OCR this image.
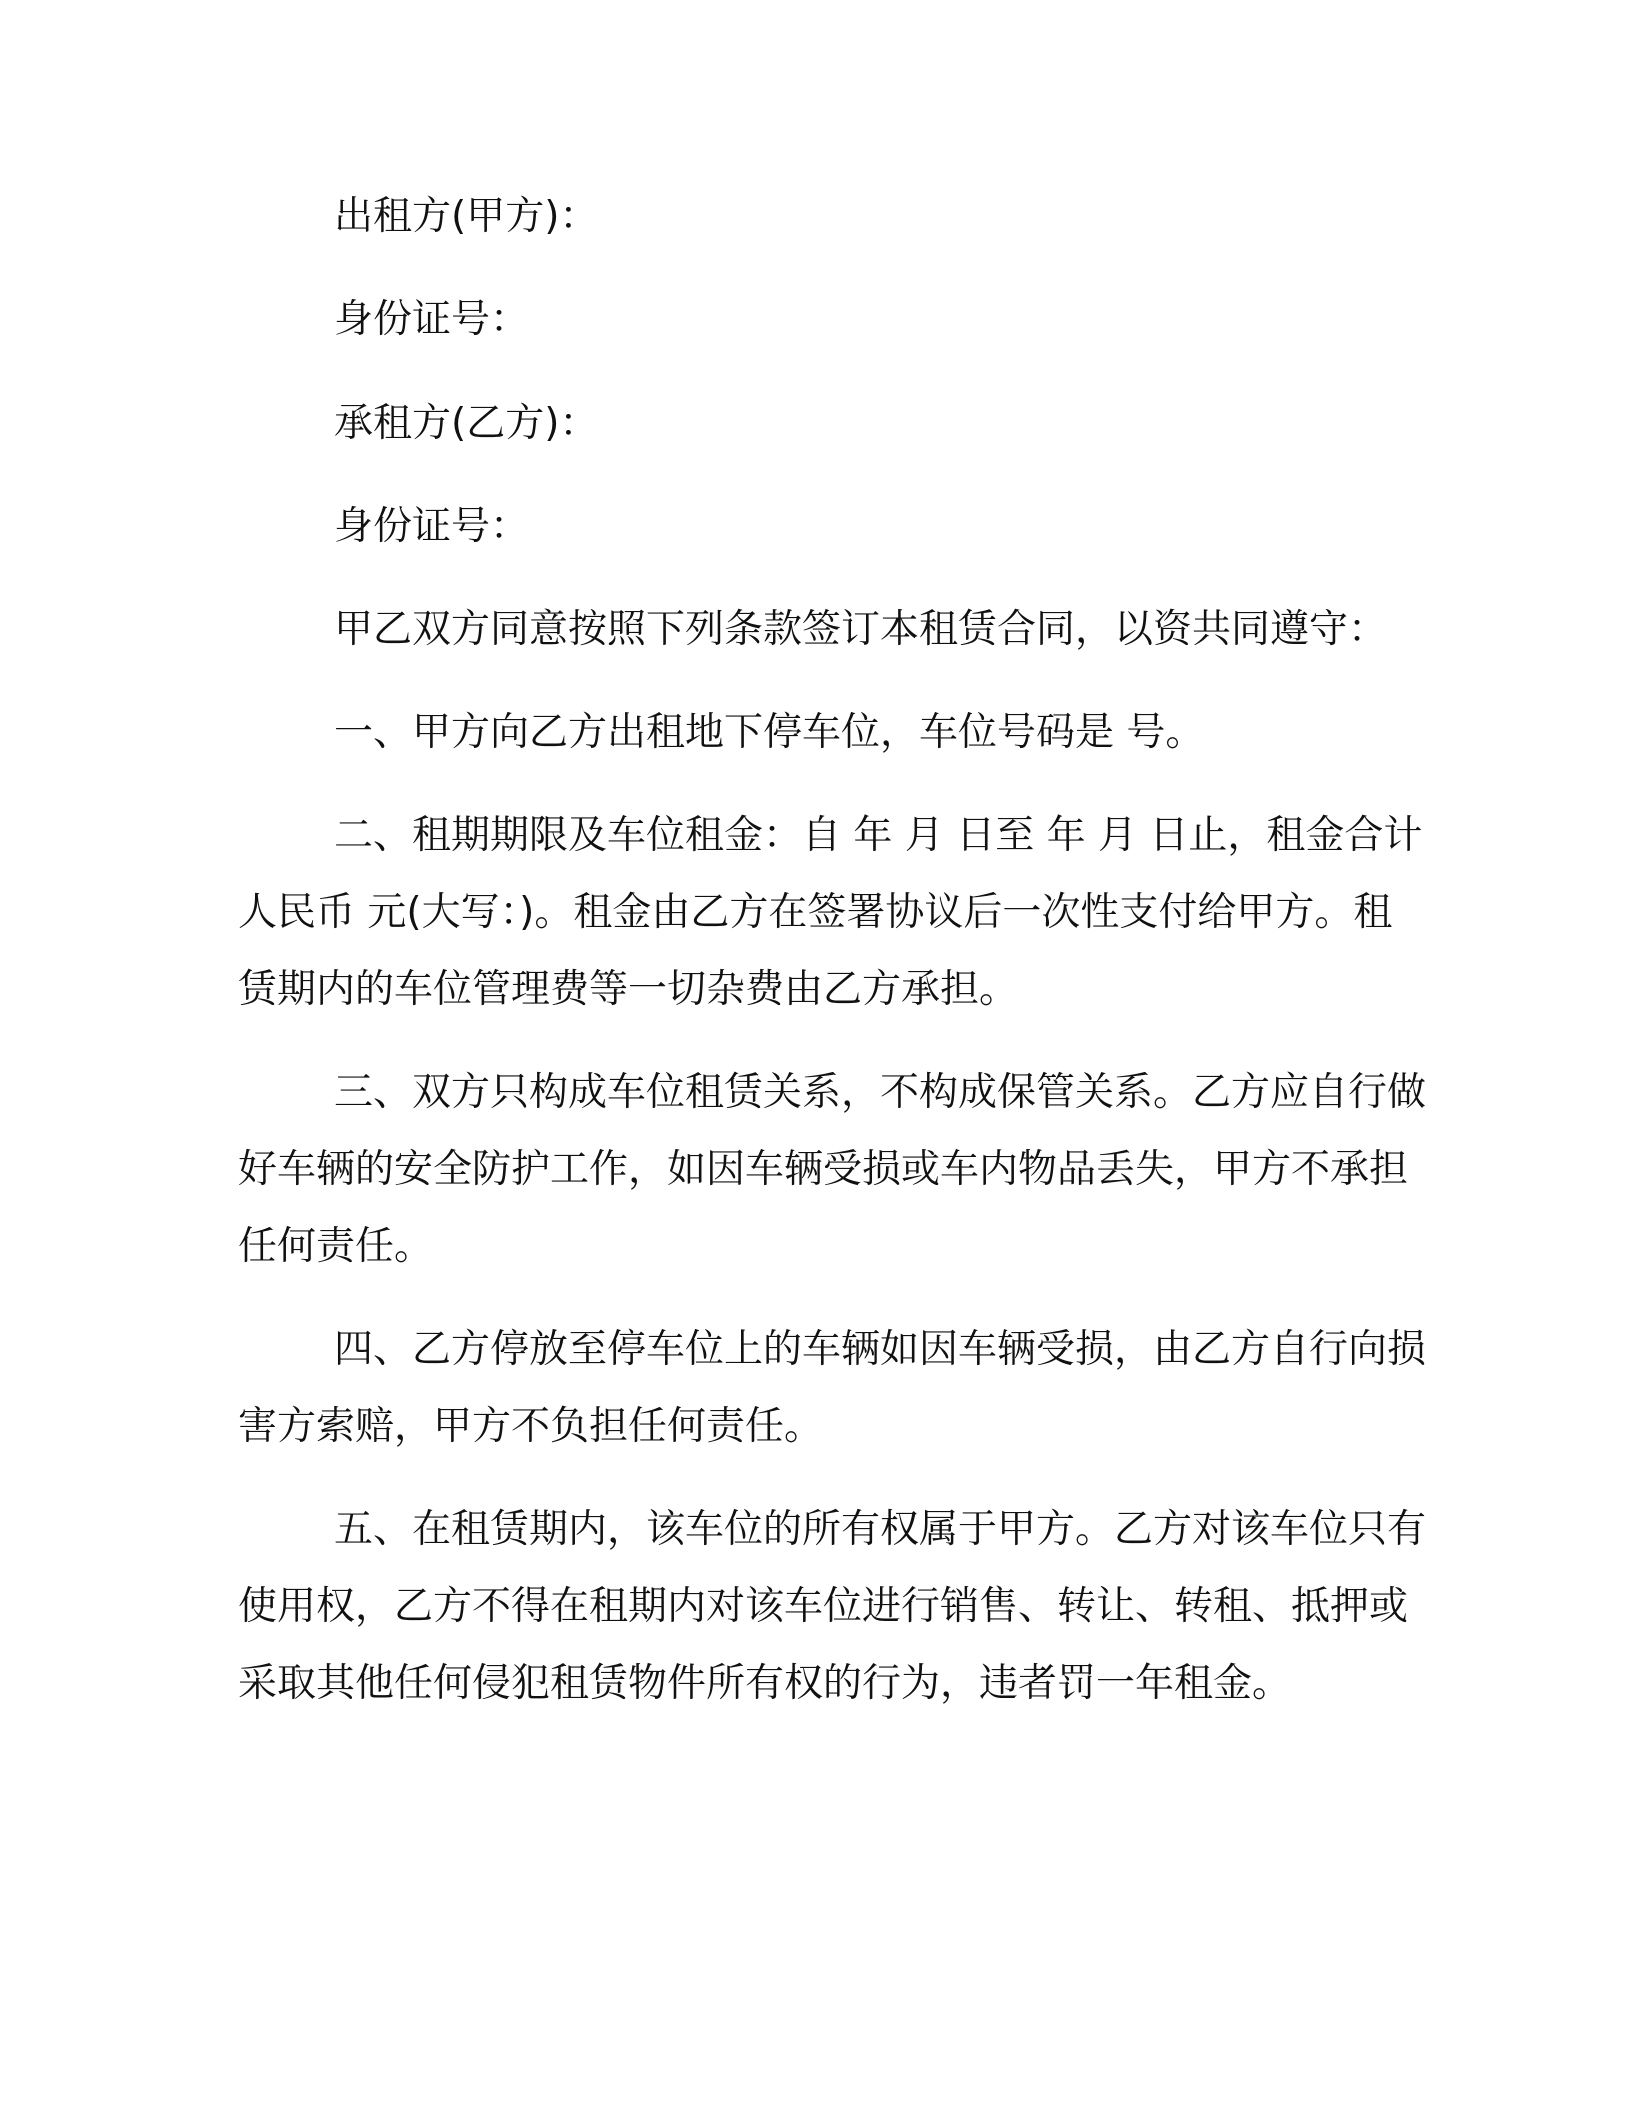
出租方(甲方)：

身份证号：

承租方(乙方)：

身份证号：

甲乙双方同意按照下列条款签订本租赁合同，以资共同遵守：

一、甲方向乙方出租地下停车位，车位号码是 号。

二、租期期限及车位租金：自 年 月 日至 年 月 日止，租金合计

人民币 元(大写：)。租金由乙方在签署协议后一次性支付给甲方。租

赁期内的车位管理费等一切杂费由乙方承担。

三、双方只构成车位租赁关系，不构成保管关系。乙方应自行做

好车辆的安全防护工作，如因车辆受损或车内物品丢失，甲方不承担

任何责任。

四、乙方停放至停车位上的车辆如因车辆受损，由乙方自行向损

害方索赔，甲方不负担任何责任。

五、在租赁期内，该车位的所有权属于甲方。乙方对该车位只有

使用权，乙方不得在租期内对该车位进行销售、转让、转租、抵押或

采取其他任何侵犯租赁物件所有权的行为，违者罚一年租金。
